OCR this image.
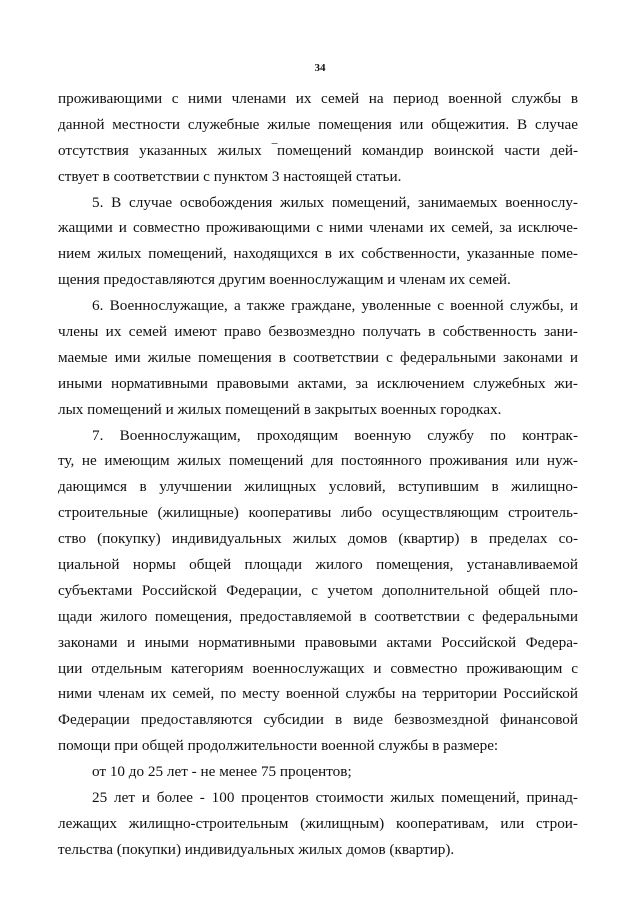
34
проживающими с ними членами их семей на период военной службы в
данной местности служебные жилые помещения или общежития. В случае
отсутствия указанных жилых ‾помещений командир воинской части дей-
ствует в соответствии с пунктом 3 настоящей статьи.
5. В случае освобождения жилых помещений, занимаемых военнослу-
жащими и совместно проживающими с ними членами их семей, за исключе-
нием жилых помещений, находящихся в их собственности, указанные поме-
щения предоставляются другим военнослужащим и членам их семей.
6. Военнослужащие, а также граждане, уволенные с военной службы, и
члены их семей имеют право безвозмездно получать в собственность зани-
маемые ими жилые помещения в соответствии с федеральными законами и
иными нормативными правовыми актами, за исключением служебных жи-
лых помещений и жилых помещений в закрытых военных городках.
7. Военнослужащим, проходящим военную службу по контрак-
ту, не имеющим жилых помещений для постоянного проживания или нуж-
дающимся в улучшении жилищных условий, вступившим в жилищно-
строительные (жилищные) кооперативы либо осуществляющим строитель-
ство (покупку) индивидуальных жилых домов (квартир) в пределах со-
циальной нормы общей площади жилого помещения, устанавливаемой
субъектами Российской Федерации, с учетом дополнительной общей пло-
щади жилого помещения, предоставляемой в соответствии с федеральными
законами и иными нормативными правовыми актами Российской Федера-
ции отдельным категориям военнослужащих и совместно проживающим с
ними членам их семей, по месту военной службы на территории Российской
Федерации предоставляются субсидии в виде безвозмездной финансовой
помощи при общей продолжительности военной службы в размере:
от 10 до 25 лет - не менее 75 процентов;
25 лет и более - 100 процентов стоимости жилых помещений, принад-
лежащих жилищно-строительным (жилищным) кооперативам, или строи-
тельства (покупки) индивидуальных жилых домов (квартир).
